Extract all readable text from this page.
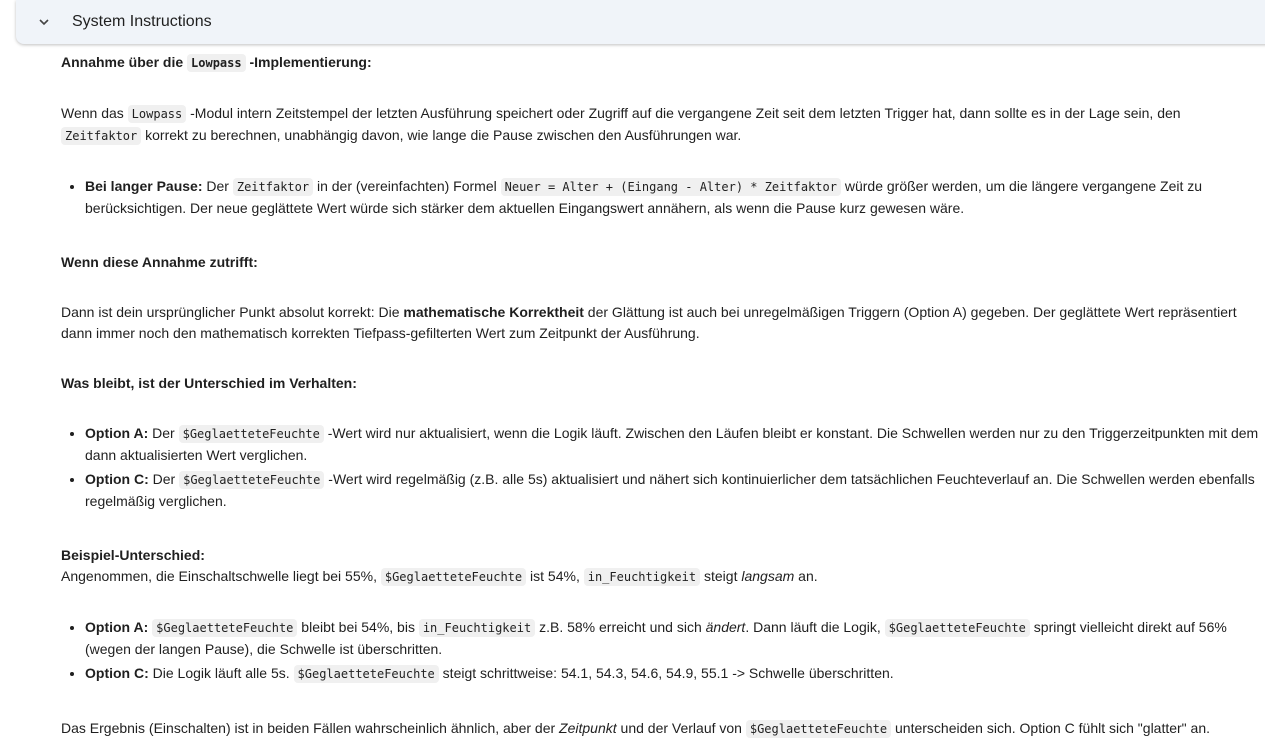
System Instructions

Annahme über die Lowpass -Implementierung:

Wenn das Lowpass -Modul intern Zeitstempel der letzten Ausführung speichert oder Zugriff auf die vergangene Zeit seit dem letzten Trigger hat, dann sollte es in der Lage sein, den
Zeitfaktor korrekt zu berechnen, unabhängig davon, wie lange die Pause zwischen den Ausführungen war.

• Bei langer Pause: Der Zeitfaktor in der (vereinfachten) Formel Neuer = Alter + (Eingang - Alter) * Zeitfaktor würde größer werden, um die längere vergangene Zeit zu
berücksichtigen. Der neue geglättete Wert würde sich stärker dem aktuellen Eingangswert annähern, als wenn die Pause kurz gewesen wäre.

Wenn diese Annahme zutrifft:

Dann ist dein ursprünglicher Punkt absolut korrekt: Die mathematische Korrektheit der Glättung ist auch bei unregelmäßigen Triggern (Option A) gegeben. Der geglättete Wert repräsentiert
dann immer noch den mathematisch korrekten Tiefpass-gefilterten Wert zum Zeitpunkt der Ausführung.

Was bleibt, ist der Unterschied im Verhalten:

• Option A: Der $GeglaetteteFeuchte -Wert wird nur aktualisiert, wenn die Logik läuft. Zwischen den Läufen bleibt er konstant. Die Schwellen werden nur zu den Triggerzeitpunkten mit dem
dann aktualisierten Wert verglichen.
• Option C: Der $GeglaetteteFeuchte -Wert wird regelmäßig (z.B. alle 5s) aktualisiert und nähert sich kontinuierlicher dem tatsächlichen Feuchteverlauf an. Die Schwellen werden ebenfalls
regelmäßig verglichen.

Beispiel-Unterschied:

Angenommen, die Einschaltschwelle liegt bei 55%, $GeglaetteteFeuchte ist 54%, in_Feuchtigkeit steigt langsam an.

• Option A: $GeglaetteteFeuchte bleibt bei 54%, bis in_Feuchtigkeit z.B. 58% erreicht und sich ändert. Dann läuft die Logik, $GeglaetteteFeuchte springt vielleicht direkt auf 56%
(wegen der langen Pause), die Schwelle ist überschritten.
• Option C: Die Logik läuft alle 5s. $GeglaetteteFeuchte steigt schrittweise: 54.1, 54.3, 54.6, 54.9, 55.1 -> Schwelle überschritten.

Das Ergebnis (Einschalten) ist in beiden Fällen wahrscheinlich ähnlich, aber der Zeitpunkt und der Verlauf von $GeglaetteteFeuchte unterscheiden sich. Option C fühlt sich "glatter" an.
